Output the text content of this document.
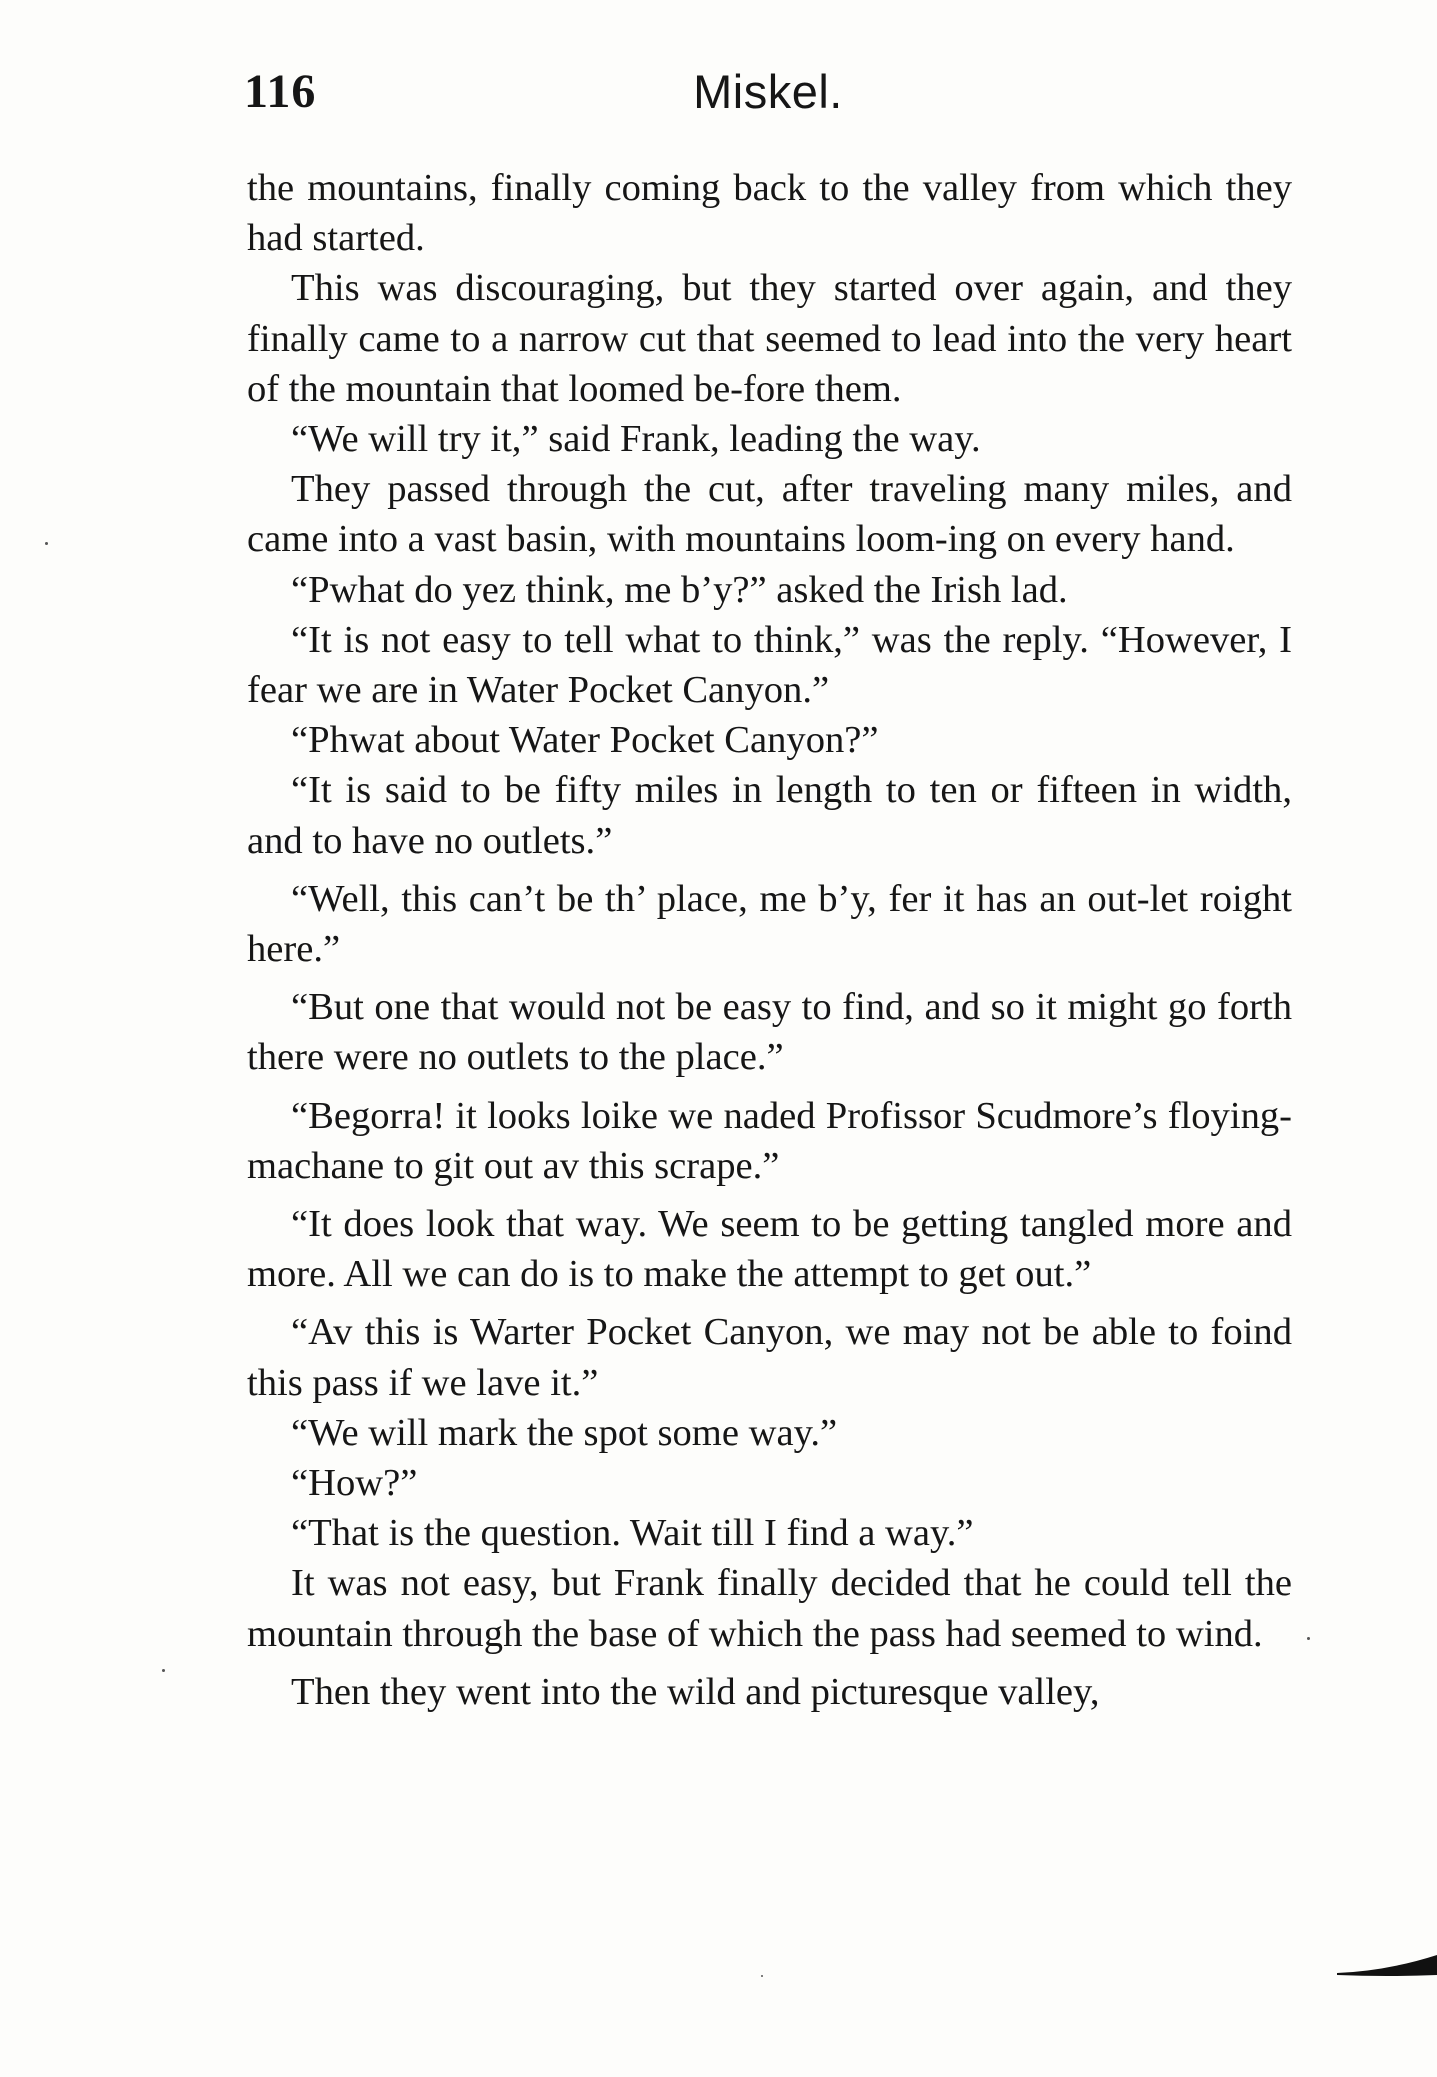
116	Miskel.

the mountains, finally coming back to the valley from which they had started.

This was discouraging, but they started over again, and they finally came to a narrow cut that seemed to lead into the very heart of the mountain that loomed be-fore them.

“We will try it,” said Frank, leading the way.

They passed through the cut, after traveling many miles, and came into a vast basin, with mountains loom-ing on every hand.

“Pwhat do yez think, me b’y?” asked the Irish lad.

“It is not easy to tell what to think,” was the reply. “However, I fear we are in Water Pocket Canyon.”

“Phwat about Water Pocket Canyon?”

“It is said to be fifty miles in length to ten or fifteen in width, and to have no outlets.”

“Well, this can’t be th’ place, me b’y, fer it has an out-let roight here.”

“But one that would not be easy to find, and so it might go forth there were no outlets to the place.”

“Begorra! it looks loike we naded Profissor Scudmore’s floying-machane to git out av this scrape.”

“It does look that way. We seem to be getting tangled more and more. All we can do is to make the attempt to get out.”

“Av this is Warter Pocket Canyon, we may not be able to foind this pass if we lave it.”

“We will mark the spot some way.”

“How?”

“That is the question. Wait till I find a way.”

It was not easy, but Frank finally decided that he could tell the mountain through the base of which the pass had seemed to wind.

Then they went into the wild and picturesque valley,
